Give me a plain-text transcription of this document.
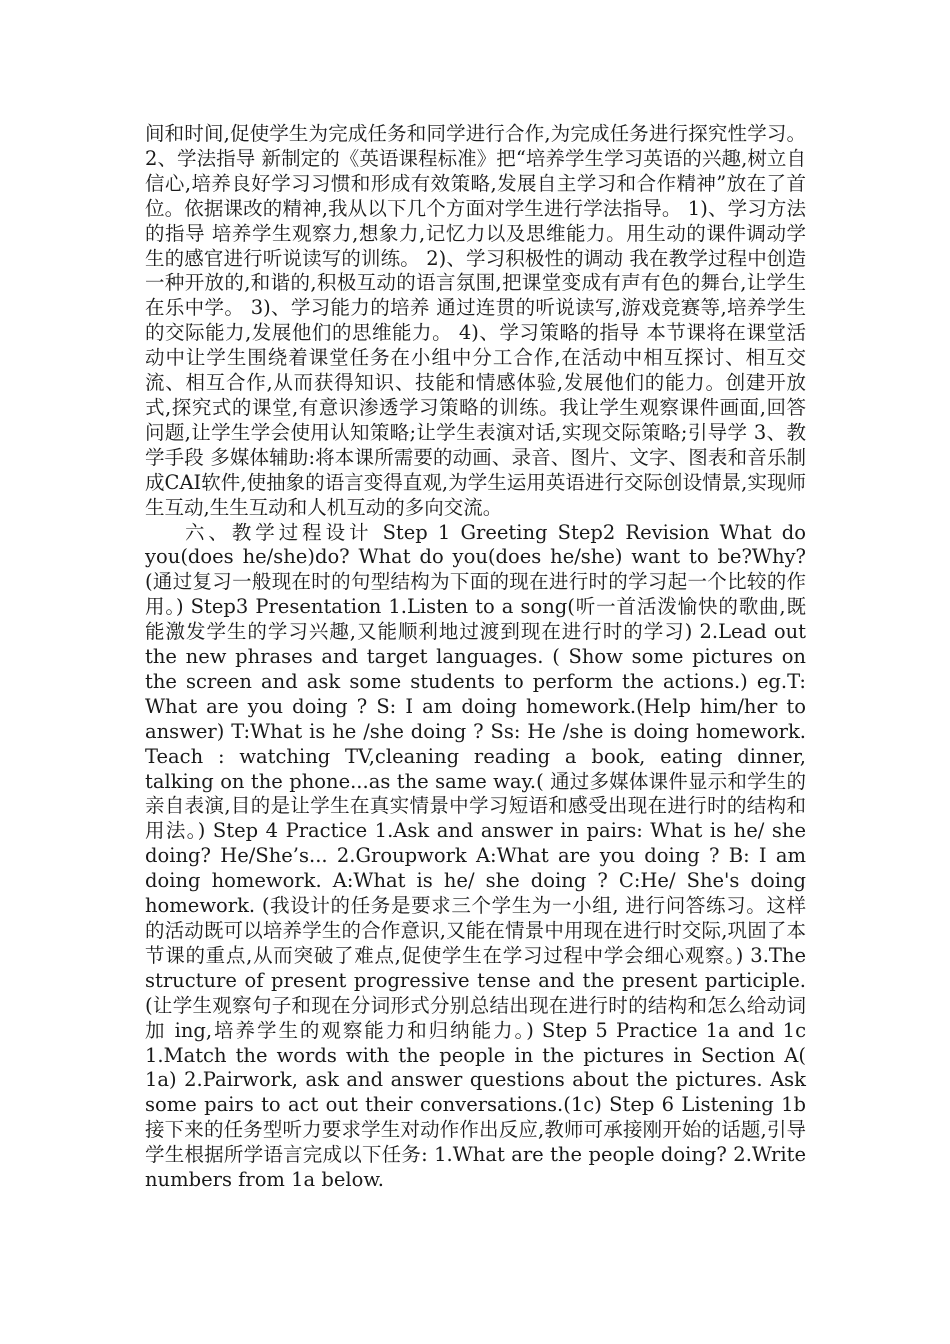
间和时间,促使学生为完成任务和同学进行合作,为完成任务进行探究性学习。2、学法指导 新制定的《英语课程标准》把“培养学生学习英语的兴趣,树立自信心,培养良好学习习惯和形成有效策略,发展自主学习和合作精神”放在了首位。依据课改的精神,我从以下几个方面对学生进行学法指导。 1)、学习方法的指导 培养学生观察力,想象力,记忆力以及思维能力。用生动的课件调动学生的感官进行听说读写的训练。 2)、学习积极性的调动 我在教学过程中创造一种开放的,和谐的,积极互动的语言氛围,把课堂变成有声有色的舞台,让学生在乐中学。 3)、学习能力的培养 通过连贯的听说读写,游戏竞赛等,培养学生的交际能力,发展他们的思维能力。 4)、学习策略的指导 本节课将在课堂活动中让学生围绕着课堂任务在小组中分工合作,在活动中相互探讨、相互交流、相互合作,从而获得知识、技能和情感体验,发展他们的能力。创建开放式,探究式的课堂,有意识渗透学习策略的训练。我让学生观察课件画面,回答问题,让学生学会使用认知策略;让学生表演对话,实现交际策略;引导学 3、教学手段 多媒体辅助:将本课所需要的动画、录音、图片、文字、图表和音乐制成CAI软件,使抽象的语言变得直观,为学生运用英语进行交际创设情景,实现师生互动,生生互动和人机互动的多向交流。

六、教学过程设计 Step 1 Greeting Step2 Revision What do you(does he/she)do? What do you(does he/she) want to be?Why?(通过复习一般现在时的句型结构为下面的现在进行时的学习起一个比较的作用。) Step3 Presentation 1.Listen to a song(听一首活泼愉快的歌曲,既能激发学生的学习兴趣,又能顺利地过渡到现在进行时的学习) 2.Lead out the new phrases and target languages. ( Show some pictures on the screen and ask some students to perform the actions.) eg.T: What are you doing ? S: I am doing homework.(Help him/her to answer) T:What is he /she doing ? Ss: He /she is doing homework. Teach : watching TV,cleaning reading a book, eating dinner, talking on the phone...as the same way.( 通过多媒体课件显示和学生的亲自表演,目的是让学生在真实情景中学习短语和感受出现在进行时的结构和用法。) Step 4 Practice 1.Ask and answer in pairs: What is he/ she doing? He/She’s... 2.Groupwork A:What are you doing ? B: I am doing homework. A:What is he/ she doing ? C:He/ She's doing homework. (我设计的任务是要求三个学生为一小组, 进行问答练习。这样的活动既可以培养学生的合作意识,又能在情景中用现在进行时交际,巩固了本节课的重点,从而突破了难点,促使学生在学习过程中学会细心观察。) 3.The structure of present progressive tense and the present participle.(让学生观察句子和现在分词形式分别总结出现在进行时的结构和怎么给动词加 ing,培养学生的观察能力和归纳能力。) Step 5 Practice 1a and 1c 1.Match the words with the people in the pictures in Section A( 1a) 2.Pairwork, ask and answer questions about the pictures. Ask some pairs to act out their conversations.(1c) Step 6 Listening 1b 接下来的任务型听力要求学生对动作作出反应,教师可承接刚开始的话题,引导学生根据所学语言完成以下任务: 1.What are the people doing? 2.Write numbers from 1a below.
